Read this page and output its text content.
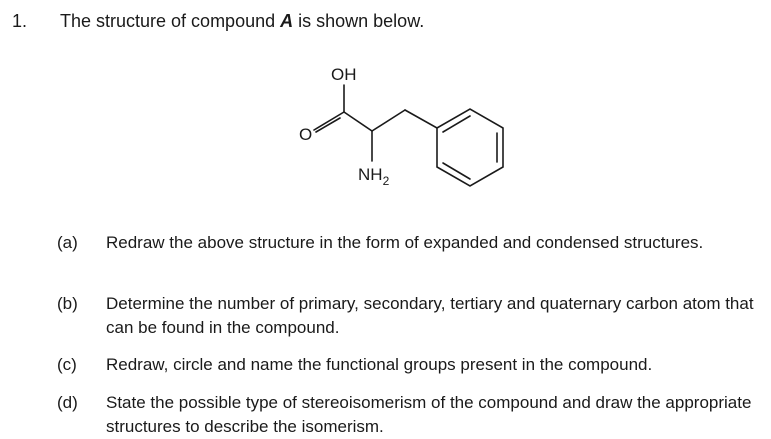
1. The structure of compound A is shown below.
OH
O
$NH_2$
(a)	Redraw the above structure in the form of expanded and condensed structures.
(b)	Determine the number of primary, secondary, tertiary and quaternary carbon atom that can be found in the compound.
(c)	Redraw, circle and name the functional groups present in the compound.
(d)	State the possible type of stereoisomerism of the compound and draw the appropriate structures to describe the isomerism.
